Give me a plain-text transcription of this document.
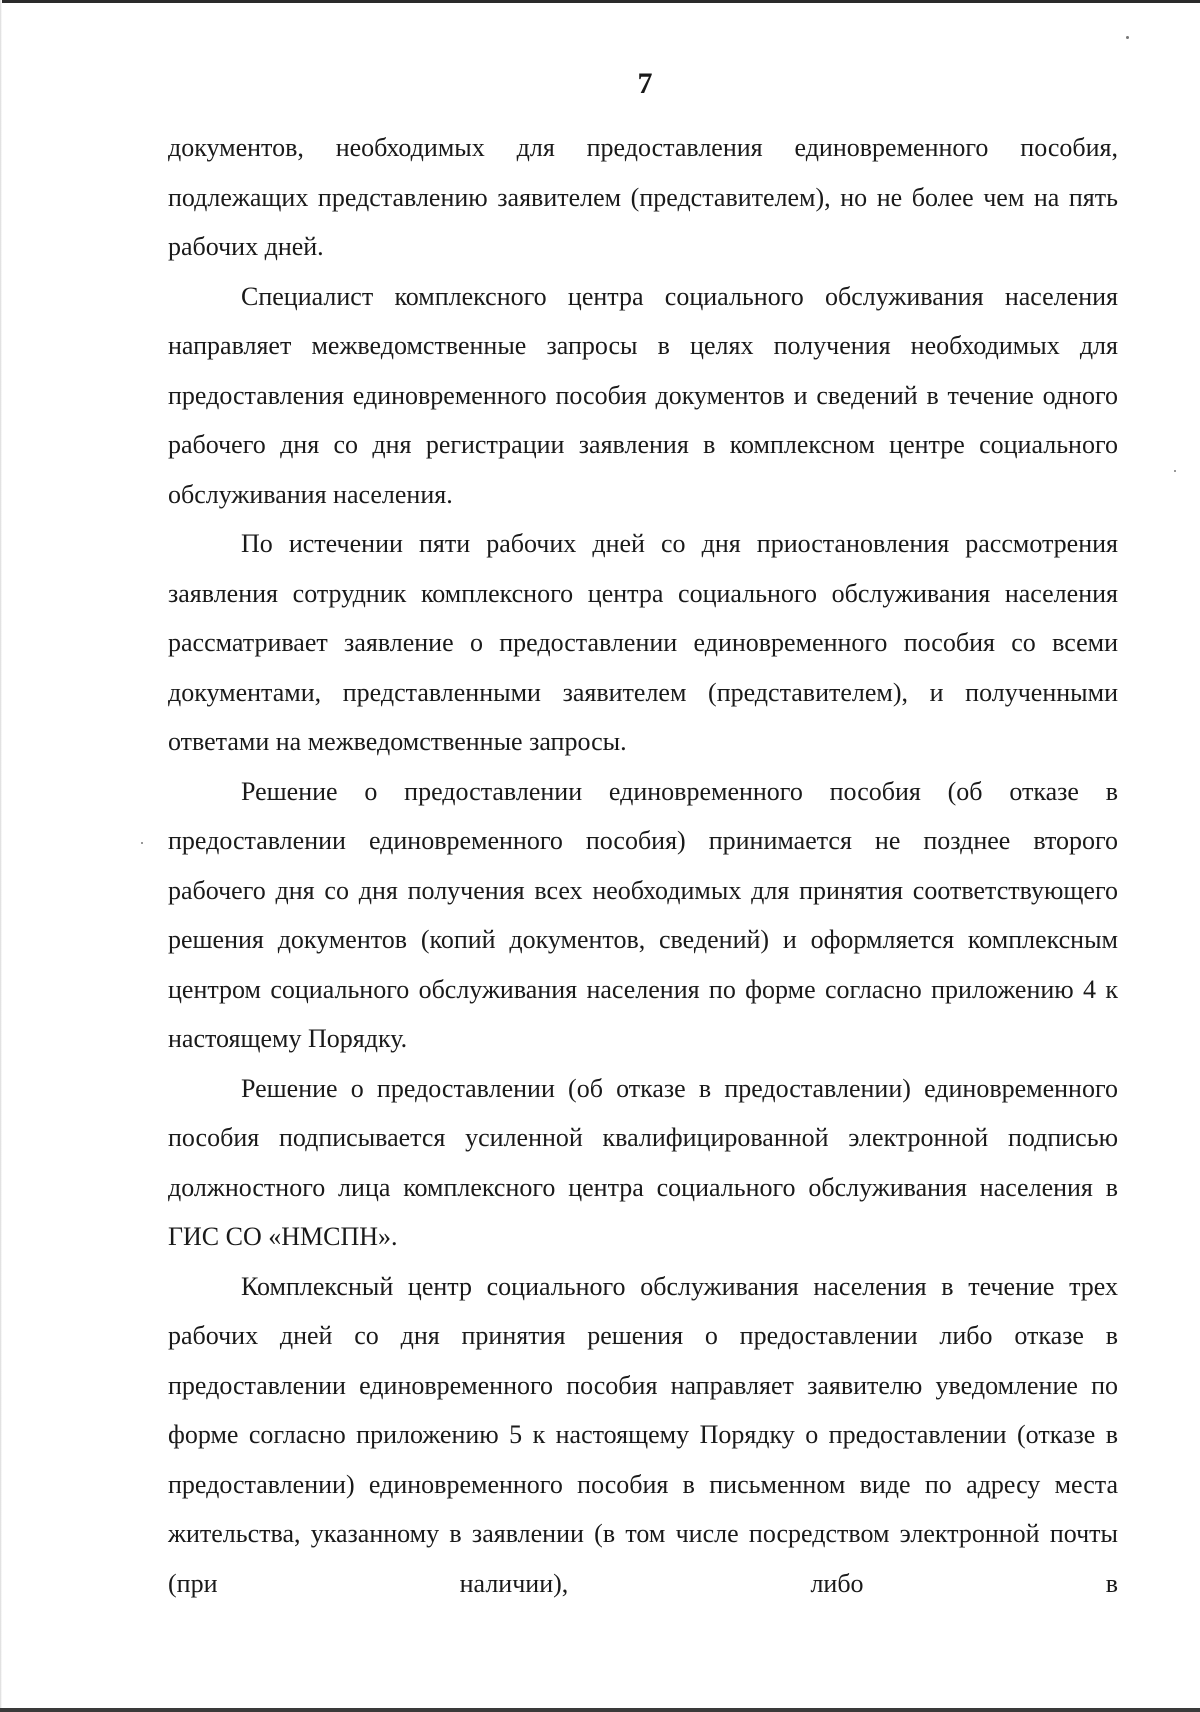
7

документов, необходимых для предоставления единовременного пособия, подлежащих представлению заявителем (представителем), но не более чем на пять рабочих дней.

Специалист комплексного центра социального обслуживания населения направляет межведомственные запросы в целях получения необходимых для предоставления единовременного пособия документов и сведений в течение одного рабочего дня со дня регистрации заявления в комплексном центре социального обслуживания населения.

По истечении пяти рабочих дней со дня приостановления рассмотрения заявления сотрудник комплексного центра социального обслуживания населения рассматривает заявление о предоставлении единовременного пособия со всеми документами, представленными заявителем (представителем), и полученными ответами на межведомственные запросы.

Решение о предоставлении единовременного пособия (об отказе в предоставлении единовременного пособия) принимается не позднее второго рабочего дня со дня получения всех необходимых для принятия соответствующего решения документов (копий документов, сведений) и оформляется комплексным центром социального обслуживания населения по форме согласно приложению 4 к настоящему Порядку.

Решение о предоставлении (об отказе в предоставлении) единовременного пособия подписывается усиленной квалифицированной электронной подписью должностного лица комплексного центра социального обслуживания населения в ГИС СО «НМСПН».

Комплексный центр социального обслуживания населения в течение трех рабочих дней со дня принятия решения о предоставлении либо отказе в предоставлении единовременного пособия направляет заявителю уведомление по форме согласно приложению 5 к настоящему Порядку о предоставлении (отказе в предоставлении) единовременного пособия в письменном виде по адресу места жительства, указанному в заявлении (в том числе посредством электронной почты (при наличии), либо в
